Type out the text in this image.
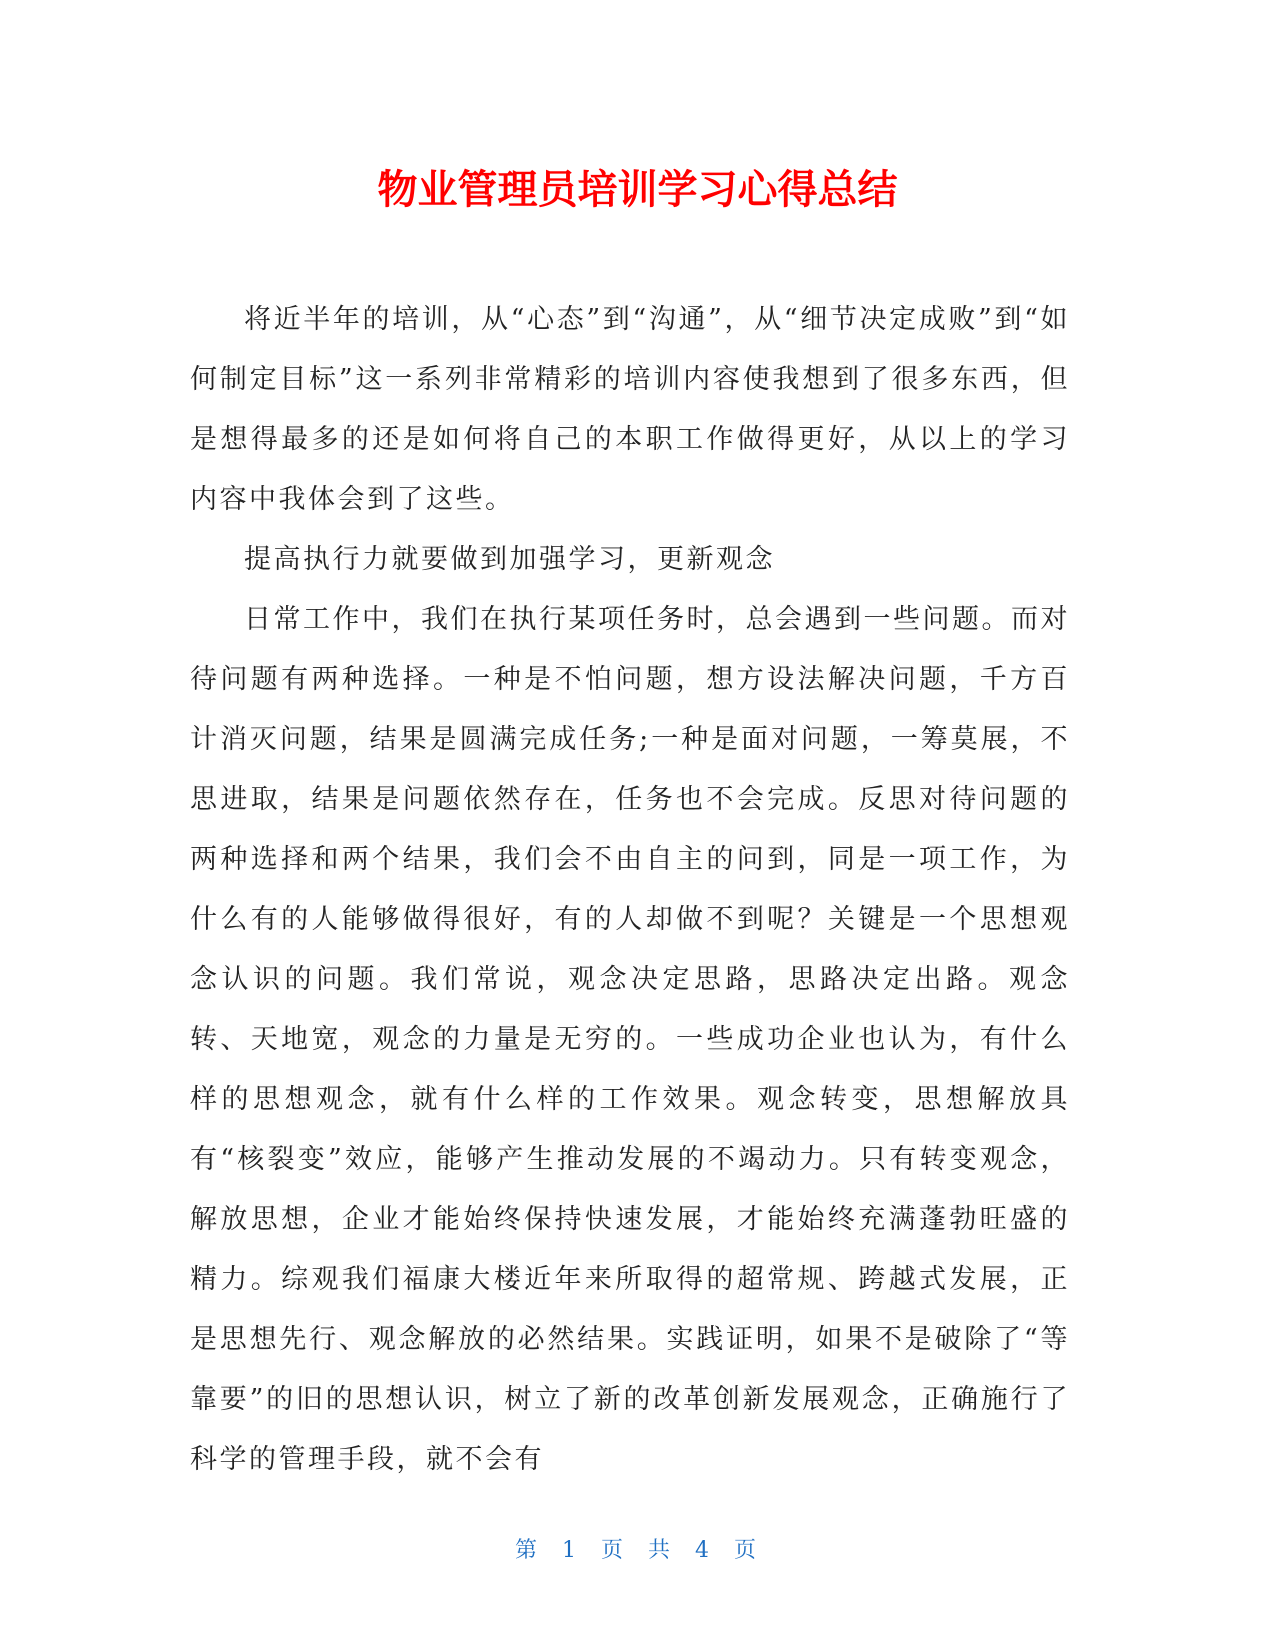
物业管理员培训学习心得总结

将近半年的培训，从“心态”到“沟通”，从“细节决定成败”到“如何制定目标”这一系列非常精彩的培训内容使我想到了很多东西，但是想得最多的还是如何将自己的本职工作做得更好，从以上的学习内容中我体会到了这些。

提高执行力就要做到加强学习，更新观念

日常工作中，我们在执行某项任务时，总会遇到一些问题。而对待问题有两种选择。一种是不怕问题，想方设法解决问题，千方百计消灭问题，结果是圆满完成任务;一种是面对问题，一筹莫展，不思进取，结果是问题依然存在，任务也不会完成。反思对待问题的两种选择和两个结果，我们会不由自主的问到，同是一项工作，为什么有的人能够做得很好，有的人却做不到呢？关键是一个思想观念认识的问题。我们常说，观念决定思路，思路决定出路。观念转、天地宽，观念的力量是无穷的。一些成功企业也认为，有什么样的思想观念，就有什么样的工作效果。观念转变，思想解放具有“核裂变”效应，能够产生推动发展的不竭动力。只有转变观念，解放思想，企业才能始终保持快速发展，才能始终充满蓬勃旺盛的精力。综观我们福康大楼近年来所取得的超常规、跨越式发展，正是思想先行、观念解放的必然结果。实践证明，如果不是破除了“等靠要”的旧的思想认识，树立了新的改革创新发展观念，正确施行了科学的管理手段，就不会有

第 1 页 共 4 页
